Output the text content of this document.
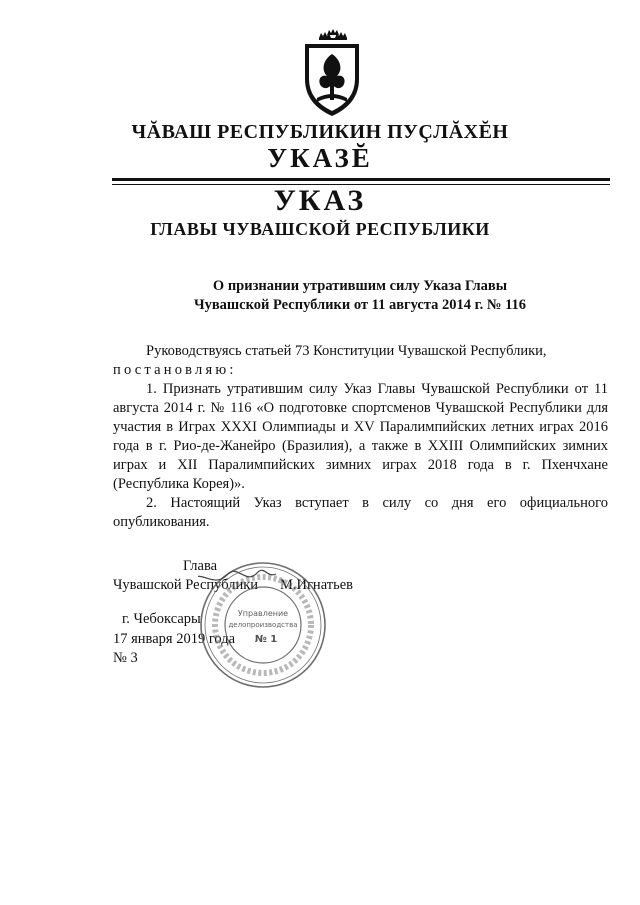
ЧĂВАШ РЕСПУБЛИКИН ПУҪЛĂХĔН
УКАЗĔ
УКАЗ
ГЛАВЫ ЧУВАШСКОЙ РЕСПУБЛИКИ
О признании утратившим силу Указа Главы
Чувашской Республики от 11 августа 2014 г. № 116

Руководствуясь статьей 73 Конституции Чувашской Республики,

постановляю:

1. Признать утратившим силу Указ Главы Чувашской Республики от 11 августа 2014 г. № 116 «О подготовке спортсменов Чувашской Республики для участия в Играх XXXI Олимпиады и XV Паралимпийских летних играх 2016 года в г. Рио-де-Жанейро (Бразилия), а также в XXIII Олимпийских зимних играх и XII Паралимпийских зимних играх 2018 года в г. Пхенчхане (Республика Корея)».

2. Настоящий Указ вступает в силу со дня его официального опубликования.

Глава
Чувашской Республики М.Игнатьев
г. Чебоксары
17 января 2019 года
№ 3
Управление
делопроизводства
№ 1
